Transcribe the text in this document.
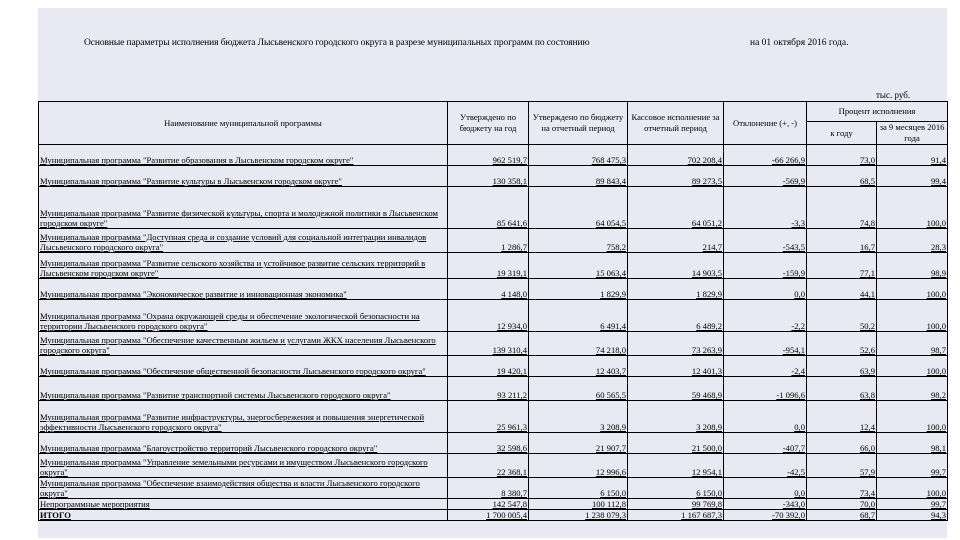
Основные параметры исполнения бюджета Лысьвенского городского округа в разрезе муниципальных программ по состоянию	на 01 октября 2016 года.
тыс. руб.
Наименование муниципальной программы	Утверждено по бюджету на год	Утверждено по бюджету на отчетный период	Кассовое исполнение за отчетный период	Отклонение (+, -)	Процент исполнения	
					к году	за 9 месяцев 2016 года
Муниципальная программа "Развитие образования в Лысьвенском городском округе"	962 519,7	768 475,3	702 208,4	-66 266,9	73,0	91,4
Муниципальная программа "Развитие культуры в Лысьвенском городском округе"	130 358,1	89 843,4	89 273,5	-569,9	68,5	99,4
Муниципальная программа "Развитие физической культуры, спорта и молодежной политики в Лысьвенском городском округе"	85 641,6	64 054,5	64 051,2	-3,3	74,8	100,0
Муниципальная программа "Доступная среда и создание условий для социальной интеграции инвалидов Лысьвенского городского округа"	1 286,7	758,2	214,7	-543,5	16,7	28,3
Муниципальная программа "Развитие сельского хозяйства и устойчивое развитие сельских территорий в Лысьвенском городском округе"	19 319,1	15 063,4	14 903,5	-159,9	77,1	98,9
Муниципальная программа "Экономическое развитие и инновационная экономика"	4 148,0	1 829,9	1 829,9	0,0	44,1	100,0
Муниципальная программа "Охрана окружающей среды и обеспечение экологической безопасности на территории Лысьвенского городского округа"	12 934,0	6 491,4	6 489,2	-2,2	50,2	100,0
Муниципальная программа "Обеспечение качественным жильем и услугами ЖКХ населения Лысьвенского городского округа"	139 310,4	74 218,0	73 263,9	-954,1	52,6	98,7
Муниципальная программа "Обеспечение общественной безопасности Лысьвенского городского округа"	19 420,1	12 403,7	12 401,3	-2,4	63,9	100,0
Муниципальная программа "Развитие транспортной системы Лысьвенского городского округа"	93 211,2	60 565,5	59 468,9	-1 096,6	63,8	98,2
Муниципальная программа "Развитие инфраструктуры, энергосбережения и повышения энергетической эффективности Лысьвенского городского округа"	25 961,3	3 208,9	3 208,9	0,0	12,4	100,0
Муниципальная программа "Благоустройство территорий Лысьвенского городского округа"	32 598,6	21 907,7	21 500,0	-407,7	66,0	98,1
Муниципальная программа "Управление земельными ресурсами и имуществом Лысьвенского городского округа"	22 368,1	12 996,6	12 954,1	-42,5	57,9	99,7
Муниципальная программа "Обеспечение взаимодействия общества и власти Лысьвенского городского округа"	8 380,7	6 150,0	6 150,0	0,0	73,4	100,0
Непрограммные мероприятия	142 547,8	100 112,8	99 769,8	-343,0	70,0	99,7
ИТОГО	1 700 005,4	1 238 079,3	1 167 687,3	-70 392,0	68,7	94,3
